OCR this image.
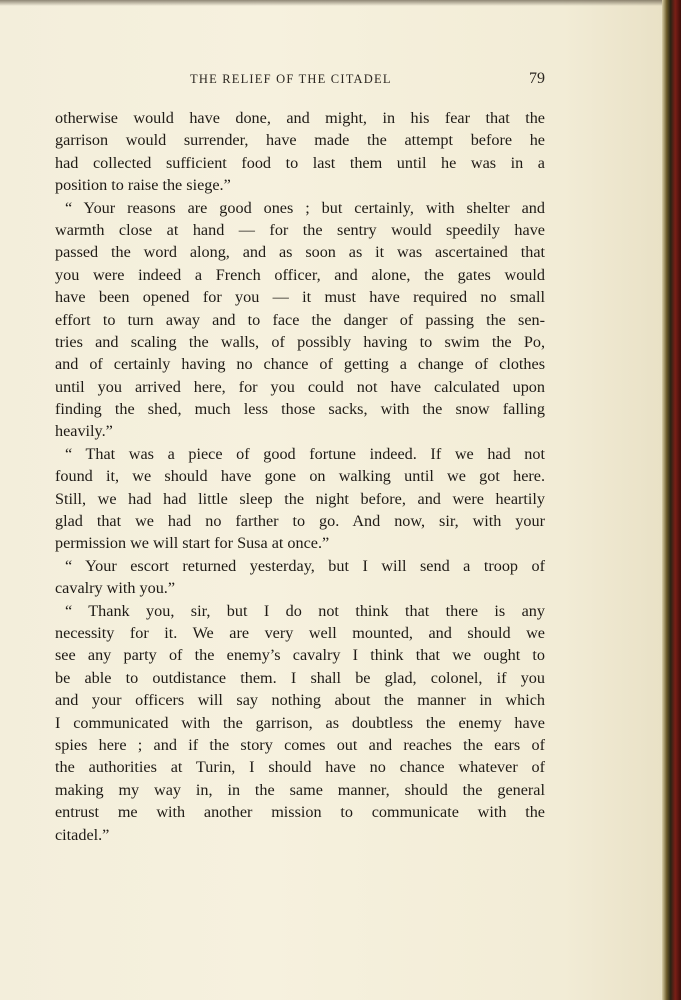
THE RELIEF OF THE CITADEL	79
otherwise would have done, and might, in his fear that the
garrison would surrender, have made the attempt before he
had collected sufficient food to last them until he was in a
position to raise the siege.”
“ Your reasons are good ones ; but certainly, with shelter and
warmth close at hand — for the sentry would speedily have
passed the word along, and as soon as it was ascertained that
you were indeed a French officer, and alone, the gates would
have been opened for you — it must have required no small
effort to turn away and to face the danger of passing the sen-
tries and scaling the walls, of possibly having to swim the Po,
and of certainly having no chance of getting a change of clothes
until you arrived here, for you could not have calculated upon
finding the shed, much less those sacks, with the snow falling
heavily.”
“ That was a piece of good fortune indeed. If we had not
found it, we should have gone on walking until we got here.
Still, we had had little sleep the night before, and were heartily
glad that we had no farther to go. And now, sir, with your
permission we will start for Susa at once.”
“ Your escort returned yesterday, but I will send a troop of
cavalry with you.”
“ Thank you, sir, but I do not think that there is any
necessity for it. We are very well mounted, and should we
see any party of the enemy’s cavalry I think that we ought to
be able to outdistance them. I shall be glad, colonel, if you
and your officers will say nothing about the manner in which
I communicated with the garrison, as doubtless the enemy have
spies here ; and if the story comes out and reaches the ears of
the authorities at Turin, I should have no chance whatever of
making my way in, in the same manner, should the general
entrust me with another mission to communicate with the
citadel.”
